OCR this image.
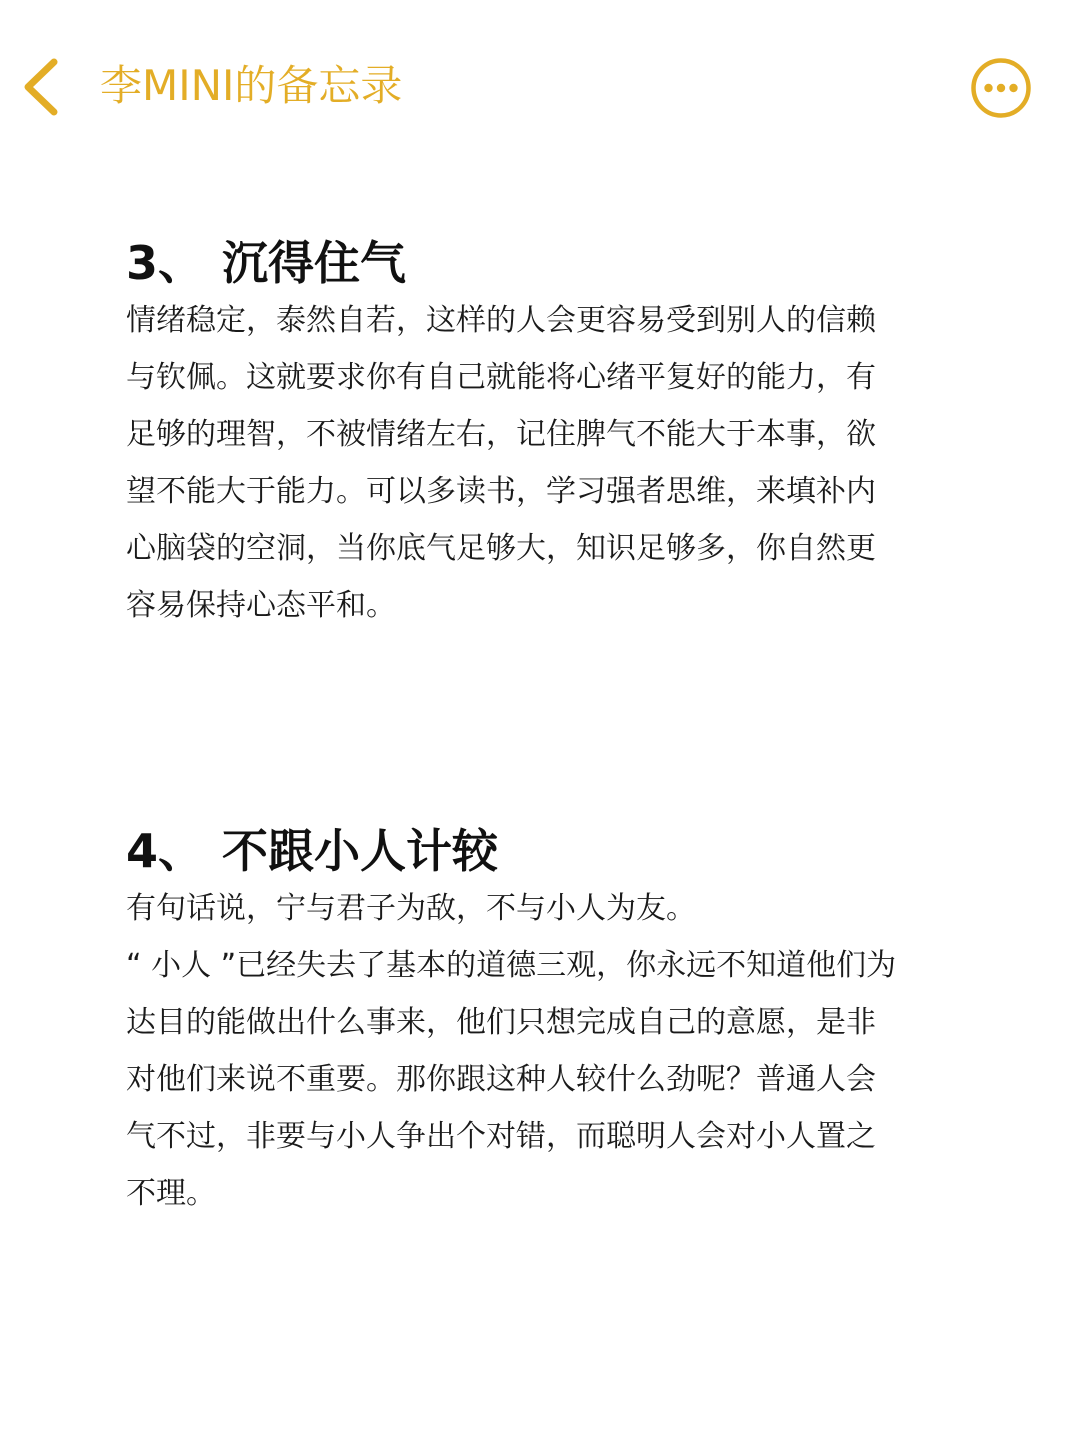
李MINI的备忘录
3、 沉得住气

情绪稳定，泰然自若，这样的人会更容易受到别人的信赖

与钦佩。这就要求你有自己就能将心绪平复好的能力，有

足够的理智，不被情绪左右，记住脾气不能大于本事，欲

望不能大于能力。可以多读书，学习强者思维，来填补内

心脑袋的空洞，当你底气足够大，知识足够多，你自然更

容易保持心态平和。

4、 不跟小人计较

有句话说，宁与君子为敌，不与小人为友。

“ 小人 ”已经失去了基本的道德三观，你永远不知道他们为

达目的能做出什么事来，他们只想完成自己的意愿，是非

对他们来说不重要。那你跟这种人较什么劲呢？普通人会

气不过，非要与小人争出个对错，而聪明人会对小人置之

不理。
